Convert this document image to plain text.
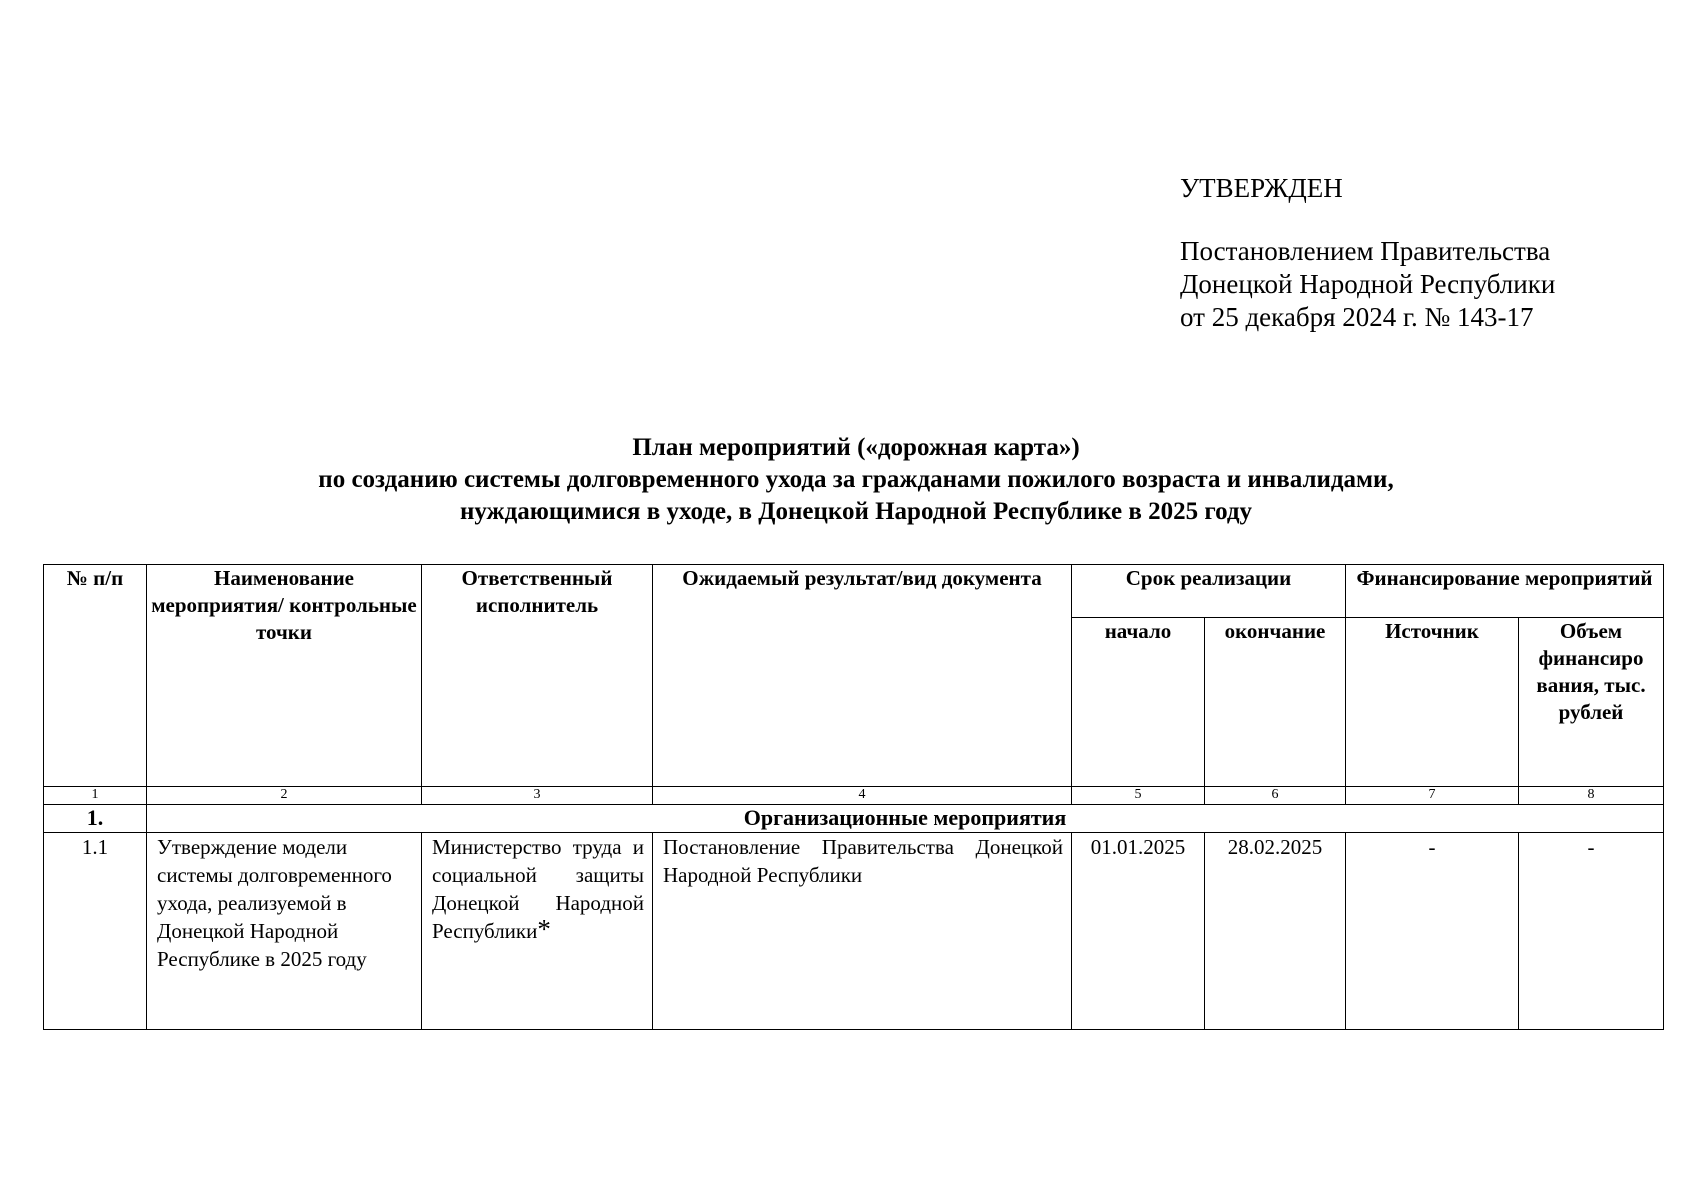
УТВЕРЖДЕН
Постановлением Правительства
Донецкой Народной Республики
от 25 декабря 2024 г. № 143-17
План мероприятий («дорожная карта»)
по созданию системы долговременного ухода за гражданами пожилого возраста и инвалидами,
нуждающимися в уходе, в Донецкой Народной Республике в 2025 году
№ п/п	Наименование мероприятия/ контрольные точки	Ответственный исполнитель	Ожидаемый результат/вид документа	Срок реализации		Финансирование мероприятий	
				начало	окончание	Источник	Объем финансиро вания, тыс. рублей
1	2	3	4	5	6	7	8
1.	Организационные мероприятия						
1.1	Утверждение модели системы долговременного ухода, реализуемой в Донецкой Народной Республике в 2025 году	Министерство труда и социальной защиты Донецкой Народной Республики*	Постановление Правительства Донецкой Народной Республики	01.01.2025	28.02.2025	-	-
